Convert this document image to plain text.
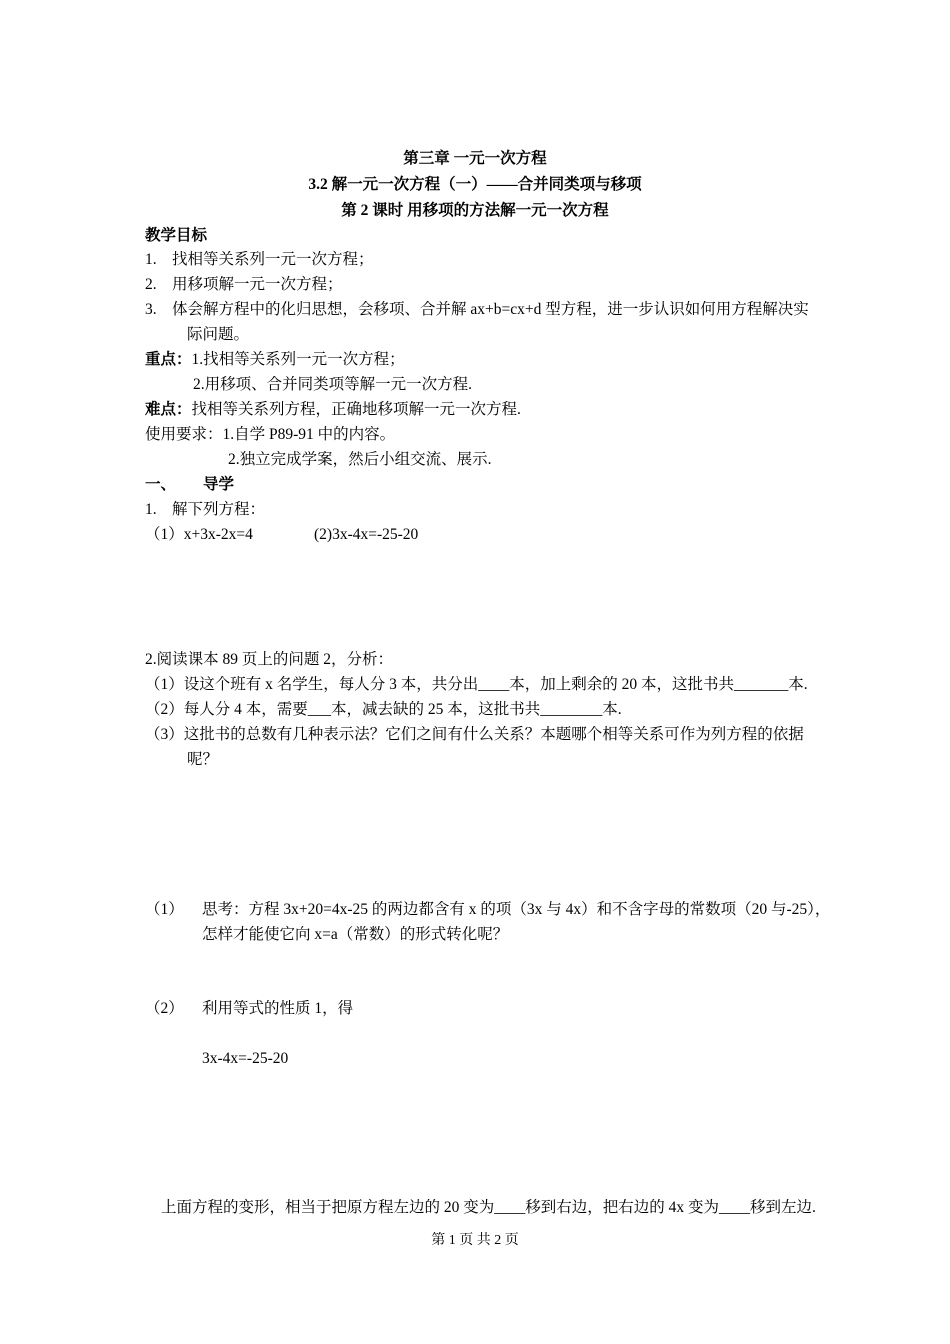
第三章 一元一次方程
3.2 解一元一次方程（一）——合并同类项与移项
第 2 课时 用移项的方法解一元一次方程
教学目标
1. 找相等关系列一元一次方程；
2. 用移项解一元一次方程；
3. 体会解方程中的化归思想，会移项、合并解 ax+b=cx+d 型方程，进一步认识如何用方程解决实
际问题。
重点：1.找相等关系列一元一次方程；
2.用移项、合并同类项等解一元一次方程.
难点：找相等关系列方程，正确地移项解一元一次方程.
使用要求：1.自学 P89-91 中的内容。
2.独立完成学案，然后小组交流、展示.
一、 导学
1. 解下列方程：
（1）x+3x-2x=4	(2)3x-4x=-25-20
2.阅读课本 89 页上的问题 2，分析：
（1）设这个班有 x 名学生，每人分 3 本，共分出____本，加上剩余的 20 本，这批书共_______本.
（2）每人分 4 本，需要___本，减去缺的 25 本，这批书共________本.
（3）这批书的总数有几种表示法？它们之间有什么关系？本题哪个相等关系可作为列方程的依据
呢？
（1） 思考：方程 3x+20=4x-25 的两边都含有 x 的项（3x 与 4x）和不含字母的常数项（20 与-25），
怎样才能使它向 x=a（常数）的形式转化呢？
（2） 利用等式的性质 1，得
3x-4x=-25-20
上面方程的变形，相当于把原方程左边的 20 变为____移到右边，把右边的 4x 变为____移到左边.
第 1 页 共 2 页
